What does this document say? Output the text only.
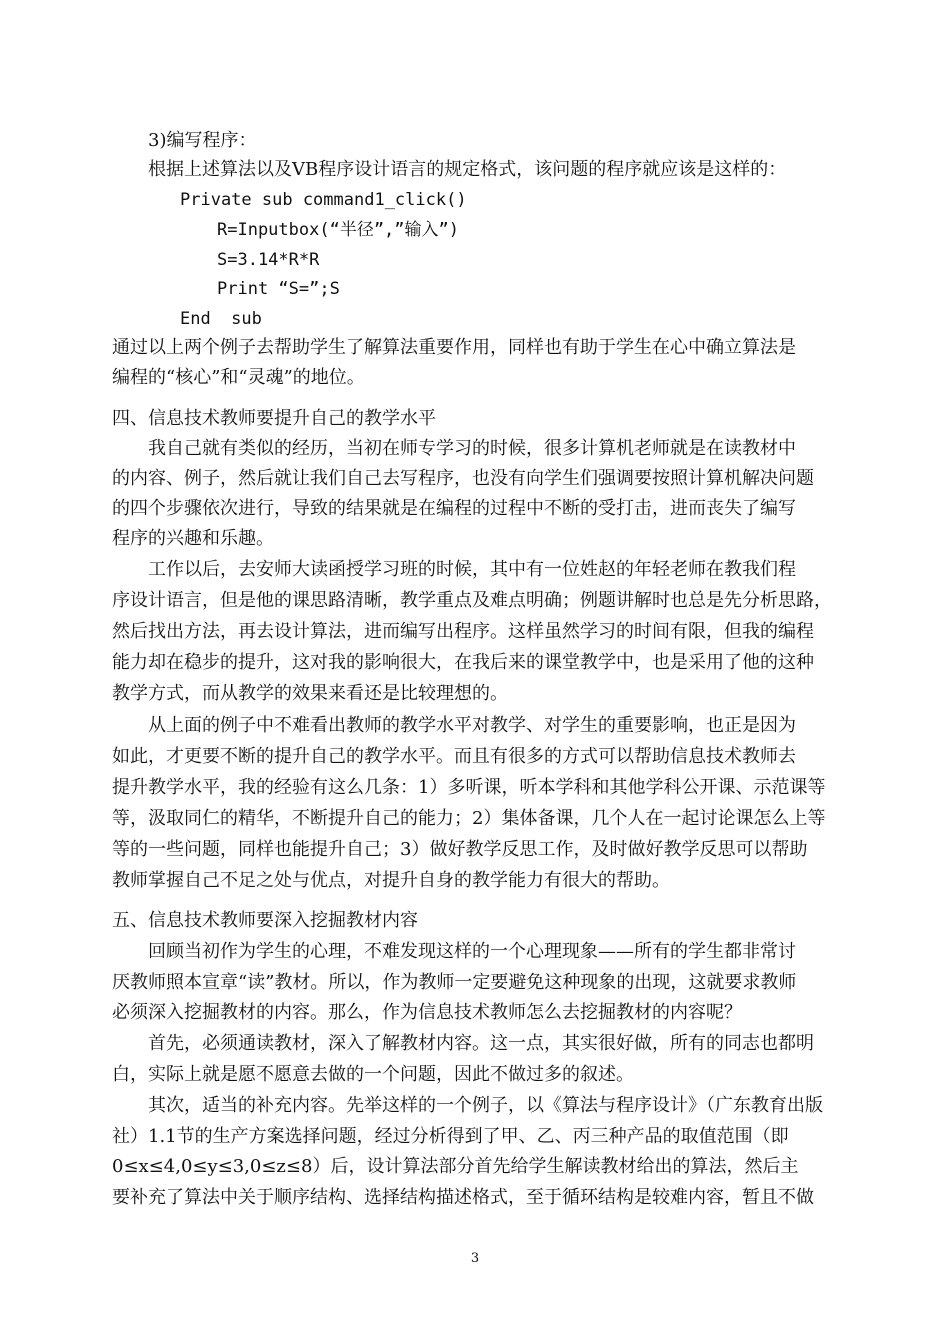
3)编写程序：
根据上述算法以及VB程序设计语言的规定格式，该问题的程序就应该是这样的：
Private sub command1_click()
R=Inputbox(“半径”,”输入”)
S=3.14*R*R
Print “S=”;S
End  sub
通过以上两个例子去帮助学生了解算法重要作用，同样也有助于学生在心中确立算法是
编程的“核心”和“灵魂”的地位。
四、信息技术教师要提升自己的教学水平
我自己就有类似的经历，当初在师专学习的时候，很多计算机老师就是在读教材中
的内容、例子，然后就让我们自己去写程序，也没有向学生们强调要按照计算机解决问题
的四个步骤依次进行，导致的结果就是在编程的过程中不断的受打击，进而丧失了编写
程序的兴趣和乐趣。
工作以后，去安师大读函授学习班的时候，其中有一位姓赵的年轻老师在教我们程
序设计语言，但是他的课思路清晰，教学重点及难点明确；例题讲解时也总是先分析思路，
然后找出方法，再去设计算法，进而编写出程序。这样虽然学习的时间有限，但我的编程
能力却在稳步的提升，这对我的影响很大，在我后来的课堂教学中，也是采用了他的这种
教学方式，而从教学的效果来看还是比较理想的。
从上面的例子中不难看出教师的教学水平对教学、对学生的重要影响，也正是因为
如此，才更要不断的提升自己的教学水平。而且有很多的方式可以帮助信息技术教师去
提升教学水平，我的经验有这么几条：1）多听课，听本学科和其他学科公开课、示范课等
等，汲取同仁的精华，不断提升自己的能力；2）集体备课，几个人在一起讨论课怎么上等
等的一些问题，同样也能提升自己；3）做好教学反思工作，及时做好教学反思可以帮助
教师掌握自己不足之处与优点，对提升自身的教学能力有很大的帮助。
五、信息技术教师要深入挖掘教材内容
回顾当初作为学生的心理，不难发现这样的一个心理现象——所有的学生都非常讨
厌教师照本宣章“读”教材。所以，作为教师一定要避免这种现象的出现，这就要求教师
必须深入挖掘教材的内容。那么，作为信息技术教师怎么去挖掘教材的内容呢？
首先，必须通读教材，深入了解教材内容。这一点，其实很好做，所有的同志也都明
白，实际上就是愿不愿意去做的一个问题，因此不做过多的叙述。
其次，适当的补充内容。先举这样的一个例子，以《算法与程序设计》（广东教育出版
社）1.1节的生产方案选择问题，经过分析得到了甲、乙、丙三种产品的取值范围（即
0≤x≤4,0≤y≤3,0≤z≤8）后，设计算法部分首先给学生解读教材给出的算法，然后主
要补充了算法中关于顺序结构、选择结构描述格式，至于循环结构是较难内容，暂且不做
3
